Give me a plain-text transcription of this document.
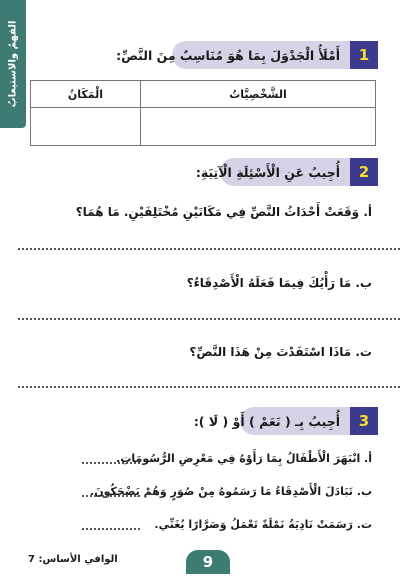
الفهمُ والاستيعابُ	أَمْلَأُ الْجَدْوَلَ بِمَا هُوَ مُنَاسِبٌ مِنَ النَّصِّ:	1
الْمَكَانُ	الشَّخْصِيَّاتُ

أُجِيبُ عَنِ الْأَسْئِلَةِ الْآتِيَةِ:	2
أ. وَقَعَتْ أَحْدَاثُ النَّصِّ فِي مَكَانَيْنِ مُخْتَلِفَيْنِ. مَا هُمَا؟
ب. مَا رَأْيُكَ فِيمَا فَعَلَهُ الْأَصْدِقَاءُ؟
ت. مَاذَا اسْتَفَدْتَ مِنْ هَذَا النَّصِّ؟
أُجِيبُ بِـ ( نَعَمْ ) أَوْ ( لَا ):	3
أ. انْبَهَرَ الْأَطْفَالُ بِمَا رَأَوْهُ فِي مَعْرِضِ الرُّسُومَاتِ.
ب. تَبَادَلَ الْأَصْدِقَاءُ مَا رَسَمُوهُ مِنْ صُوَرٍ وَهُمْ يَضْحَكُونَ.
ت. رَسَمَتْ نَادِيَةُ نَمْلَةً تَعْمَلُ وَصَرَّارًا يُغَنِّي.
الوافي الأساس: 7	9
